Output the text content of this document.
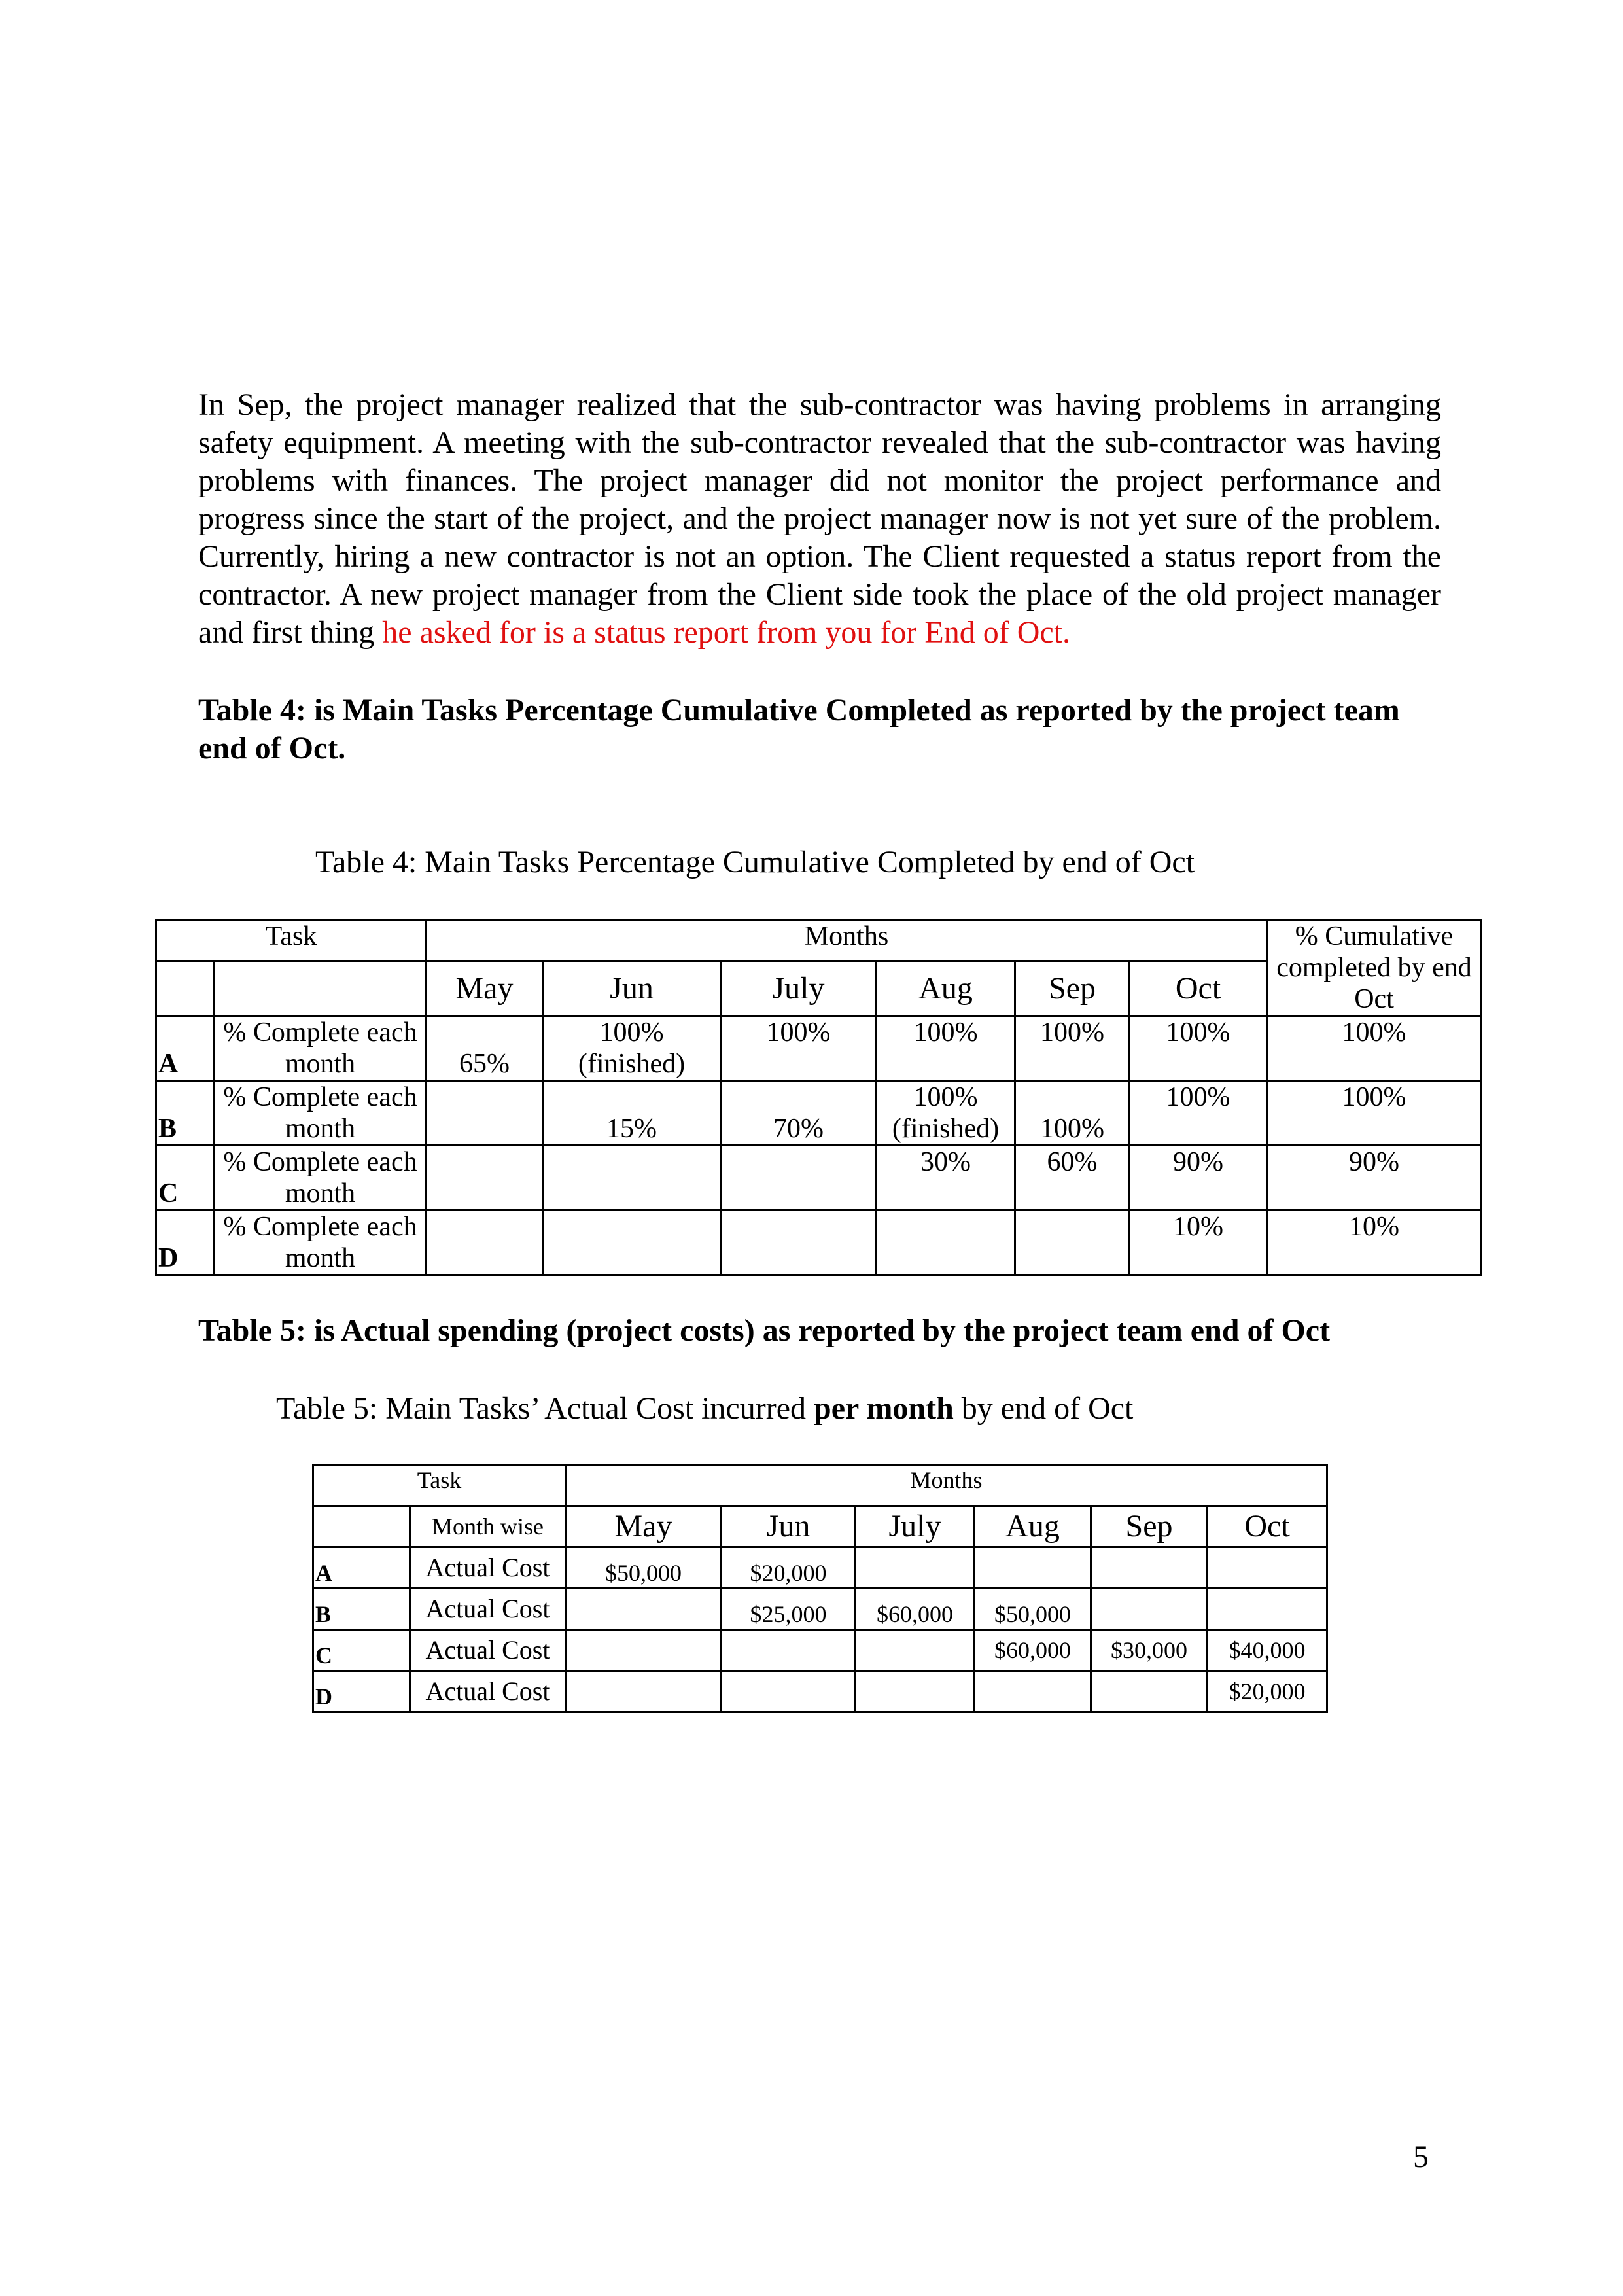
In Sep, the project manager realized that the sub-contractor was having problems in arranging safety equipment. A meeting with the sub-contractor revealed that the sub-contractor was having problems with finances. The project manager did not monitor the project performance and progress since the start of the project, and the project manager now is not yet sure of the problem. Currently, hiring a new contractor is not an option. The Client requested a status report from the contractor. A new project manager from the Client side took the place of the old project manager and first thing he asked for is a status report from you for End of Oct.

Table 4: is Main Tasks Percentage Cumulative Completed as reported by the project team end of Oct.

Table 4: Main Tasks Percentage Cumulative Completed by end of Oct

Task		Months						% Cumulative completed by end Oct
		May	Jun	July	Aug	Sep	Oct	
A	% Complete each month	65%	100% (finished)	100%	100%	100%	100%	100%
B	% Complete each month		15%	70%	100% (finished)	100%	100%	100%
C	% Complete each month				30%	60%	90%	90%
D	% Complete each month						10%	10%

Table 5: is Actual spending (project costs) as reported by the project team end of Oct

Table 5: Main Tasks’ Actual Cost incurred per month by end of Oct

Task		Months					
	Month wise	May	Jun	July	Aug	Sep	Oct
A	Actual Cost	$50,000	$20,000				
B	Actual Cost		$25,000	$60,000	$50,000		
C	Actual Cost				$60,000	$30,000	$40,000
D	Actual Cost						$20,000
5
